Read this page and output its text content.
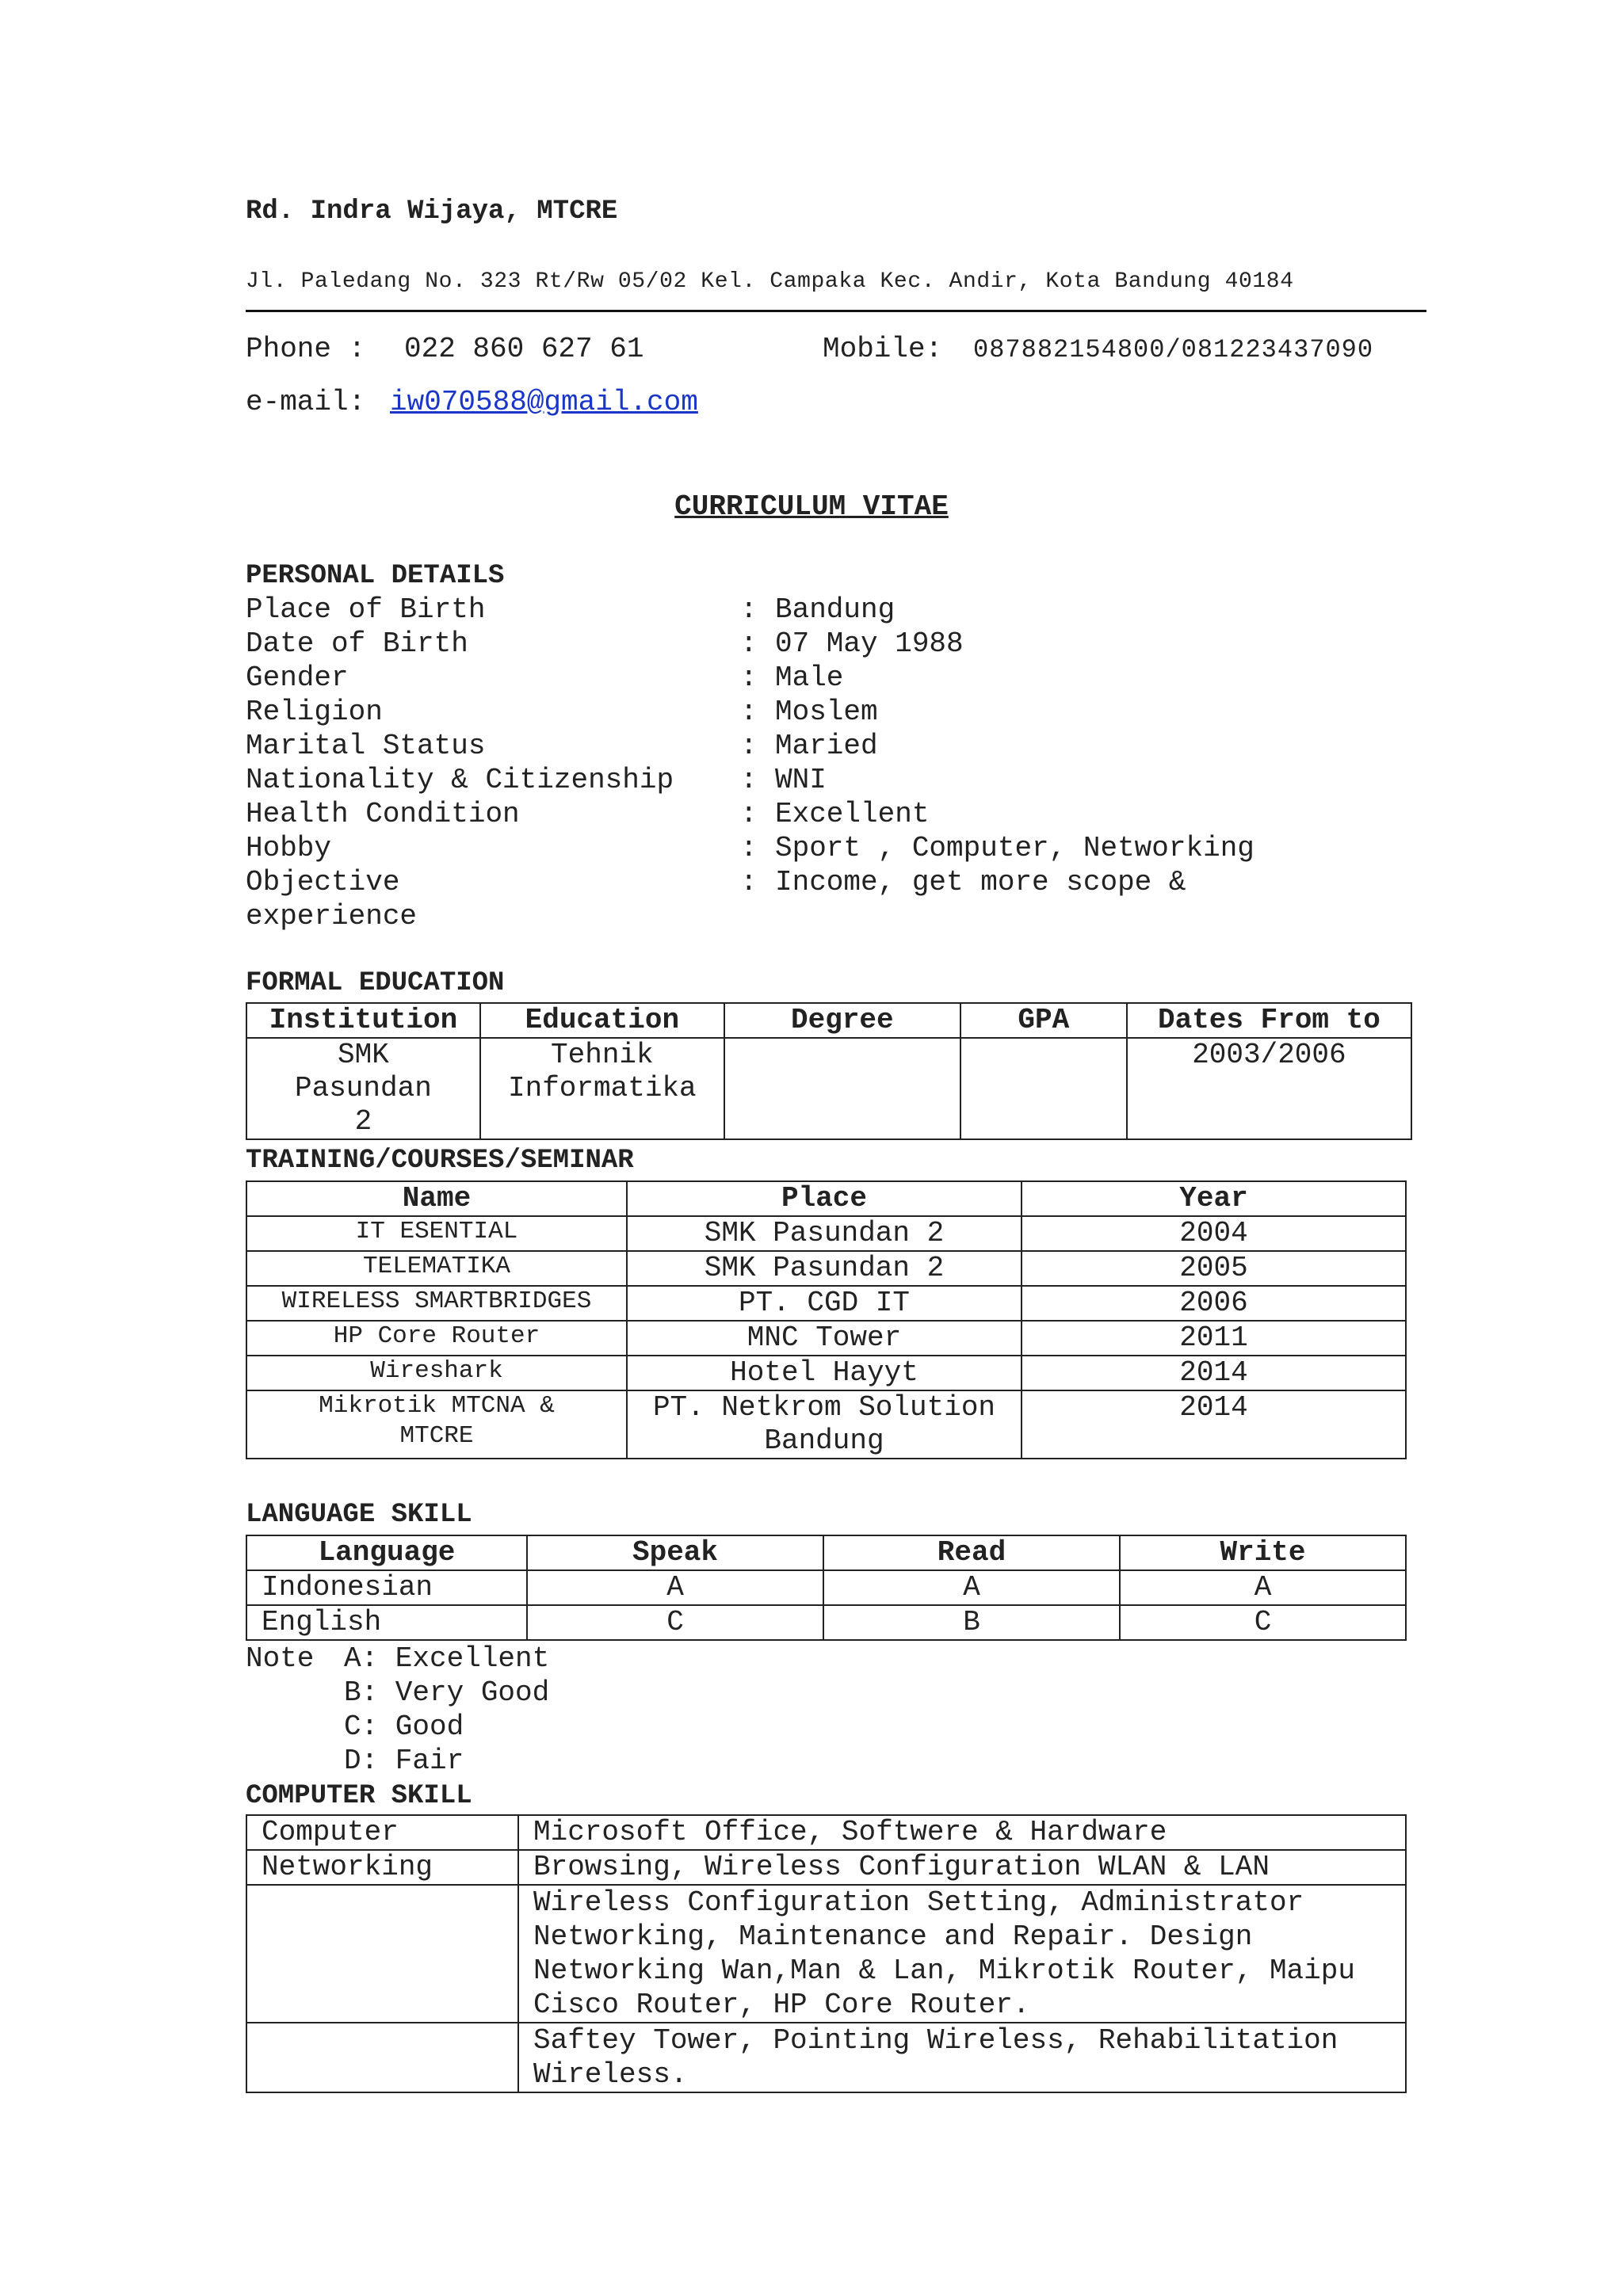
Rd. Indra Wijaya, MTCRE
Jl. Paledang No. 323 Rt/Rw 05/02 Kel. Campaka Kec. Andir, Kota Bandung 40184
Phone : 022 860 627 61	Mobile: 087882154800/081223437090
e-mail: iw070588@gmail.com
CURRICULUM VITAE
PERSONAL DETAILS
Place of Birth	: Bandung
Date of Birth	: 07 May 1988
Gender	: Male
Religion	: Moslem
Marital Status	: Maried
Nationality & Citizenship : WNI
Health Condition	: Excellent
Hobby	: Sport , Computer, Networking
Objective	: Income, get more scope &
experience
FORMAL EDUCATION
Institution	Education	Degree	GPA	Dates From to
SMK Pasundan 2	Tehnik Informatika			2003/2006
TRAINING/COURSES/SEMINAR
Name	Place	Year
IT ESENTIAL	SMK Pasundan 2	2004
TELEMATIKA	SMK Pasundan 2	2005
WIRELESS SMARTBRIDGES	PT. CGD IT	2006
HP Core Router	MNC Tower	2011
Wireshark	Hotel Hayyt	2014
Mikrotik MTCNA & MTCRE	PT. Netkrom Solution Bandung	2014
LANGUAGE SKILL
Language	Speak	Read	Write
Indonesian	A	A	A
English	C	B	C
Note A: Excellent
B: Very Good
C: Good
D: Fair
COMPUTER SKILL
Computer	Microsoft Office, Softwere & Hardware
Networking	Browsing, Wireless Configuration WLAN & LAN
	Wireless Configuration Setting, Administrator Networking, Maintenance and Repair. Design Networking Wan,Man & Lan, Mikrotik Router, Maipu Cisco Router, HP Core Router.
	Saftey Tower, Pointing Wireless, Rehabilitation Wireless.
